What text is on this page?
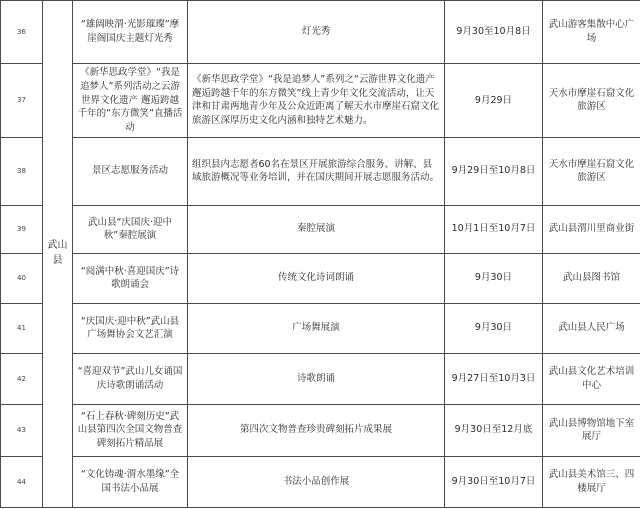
36	武山县	“雄阔映渭·光影璀璨”摩崖阁国庆主题灯光秀	灯光秀	9月30至10月8日	武山游客集散中心广场
37		《新华思政学堂》“我是追梦人”系列活动之云游世界文化遗产 邂逅跨越千年的“东方微笑”直播活动	《新华思政学堂》“我是追梦人”系列之“云游世界文化遗产 邂逅跨越千年的东方微笑”线上青少年文化交流活动，让天津和甘肃两地青少年及公众近距离了解天水市摩崖石窟文化旅游区深厚历史文化内涵和独特艺术魅力。	9月29日	天水市摩崖石窟文化旅游区
38		景区志愿服务活动	组织县内志愿者60名在景区开展旅游综合服务、讲解、县域旅游概况等业务培训，并在国庆期间开展志愿服务活动。	9月29日至10月8日	天水市摩崖石窟文化旅游区
39		武山县“庆国庆·迎中秋”秦腔展演	秦腔展演	10月1日至10月7日	武山县渭川里商业街
40		“阅满中秋·喜迎国庆”诗歌朗诵会	传统文化诗词朗诵	9月30日	武山县图书馆
41		“庆国庆·迎中秋”武山县广场舞协会文艺汇演	广场舞展演	9月30日	武山县人民广场
42		“喜迎双节”武山儿女诵国庆诗歌朗诵活动	诗歌朗诵	9月27日至10月3日	武山县文化艺术培训中心
43		“石上春秋·碑刻历史”武山县第四次全国文物普查碑刻拓片精品展	第四次文物普查珍贵碑刻拓片成果展	9月30日至12月底	武山县博物馆地下室展厅
44		“文化铸魂·渭水墨缘”全国书法小品展	书法小品创作展	9月30日至10月7日	武山县美术馆三、四楼展厅
